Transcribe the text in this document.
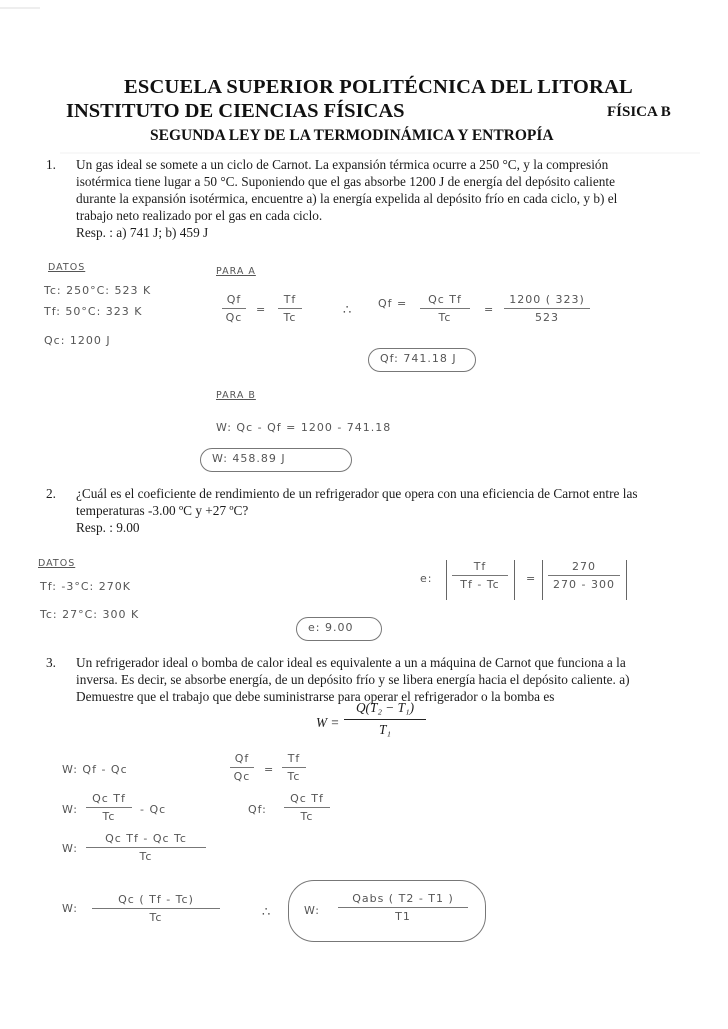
ESCUELA SUPERIOR POLITÉCNICA DEL LITORAL
INSTITUTO DE CIENCIAS FÍSICAS	FÍSICA B
SEGUNDA LEY DE LA TERMODINÁMICA Y ENTROPÍA
1. Un gas ideal se somete a un ciclo de Carnot. La expansión térmica ocurre a 250 °C, y la compresión
isotérmica tiene lugar a 50 °C. Suponiendo que el gas absorbe 1200 J de energía del depósito caliente
durante la expansión isotérmica, encuentre a) la energía expelida al depósito frío en cada ciclo, y b) el
trabajo neto realizado por el gas en cada ciclo.
Resp. : a) 741 J; b) 459 J
DATOS
Tc: 250°C: 523 K
Tf: 50°C: 323 K
Qc: 1200 J
PARA A
Qf
Qc
=
Tf
Tc	∴ Qf = Qc Tf
Tc
=
1200 ( 323)
523
Qf: 741.18 J
PARA B
W: Qc - Qf = 1200 - 741.18
W: 458.89 J
2. ¿Cuál es el coeficiente de rendimiento de un refrigerador que opera con una eficiencia de Carnot entre las
temperaturas -3.00 ºC y +27 ºC?
Resp. : 9.00
DATOS
Tf: -3°C: 270K
Tc: 27°C: 300 K
e:
Tf
Tf - Tc =
270
270 - 300
e: 9.00
3. Un refrigerador ideal o bomba de calor ideal es equivalente a un a máquina de Carnot que funciona a la
inversa. Es decir, se absorbe energía, de un depósito frío y se libera energía hacia el depósito caliente. a)
Demuestre que el trabajo que debe suministrarse para operar el refrigerador o la bomba es
W =
Q(T₂ − T₁)
T₁
W: Qf - Qc
W:
Qc Tf
Tc
- Qc
W:
Qc Tf - Qc Tc
Tc
W:
Qc ( Tf - Tc)
Tc
Qf
Qc
=
Tf
Tc
Qf:
Qc Tf
Tc
∴	W:
Qabs ( T2 - T1 )
T1
